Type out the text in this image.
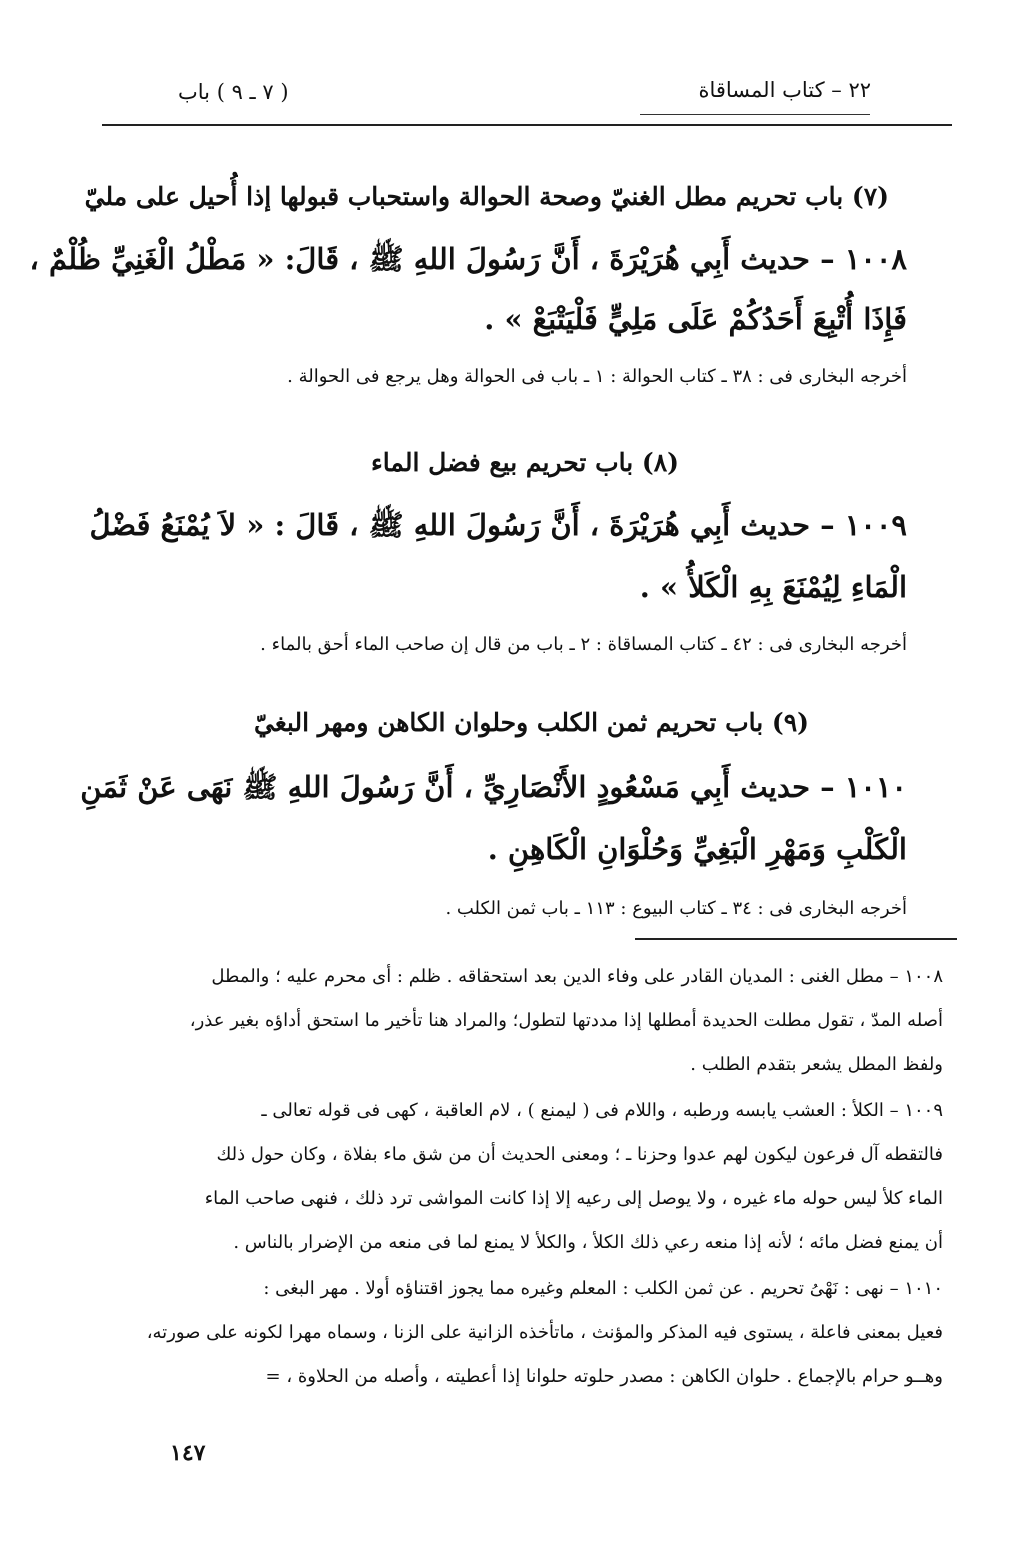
٢٢ – كتاب المساقاة
( ٧ ـ ٩ ) باب
(٧) باب تحريم مطل الغنيّ وصحة الحوالة واستحباب قبولها إذا أُحيل على مليّ
١٠٠٨ – حديث أَبِي هُرَيْرَةَ ، أَنَّ رَسُولَ اللهِ ﷺ ، قَالَ: « مَطْلُ الْغَنِيِّ ظُلْمٌ ،
فَإِذَا أُتْبِعَ أَحَدُكُمْ عَلَى مَلِيٍّ فَلْيَتْبَعْ » .
أخرجه البخارى فى : ٣٨ ـ كتاب الحوالة : ١ ـ باب فى الحوالة وهل يرجع فى الحوالة .
(٨) باب تحريم بيع فضل الماء
١٠٠٩ – حديث أَبِي هُرَيْرَةَ ، أَنَّ رَسُولَ اللهِ ﷺ ، قَالَ : « لاَ يُمْنَعُ فَضْلُ
الْمَاءِ لِيُمْنَعَ بِهِ الْكَلأُ » .
أخرجه البخارى فى : ٤٢ ـ كتاب المساقاة : ٢ ـ باب من قال إن صاحب الماء أحق بالماء .
(٩) باب تحريم ثمن الكلب وحلوان الكاهن ومهر البغيّ
١٠١٠ – حديث أَبِي مَسْعُودٍ الأَنْصَارِيِّ ، أَنَّ رَسُولَ اللهِ ﷺ نَهَى عَنْ ثَمَنِ
الْكَلْبِ وَمَهْرِ الْبَغِيِّ وَحُلْوَانِ الْكَاهِنِ .
أخرجه البخارى فى : ٣٤ ـ كتاب البيوع : ١١٣ ـ باب ثمن الكلب .
١٠٠٨ – مطل الغنى : المديان القادر على وفاء الدين بعد استحقاقه . ظلم : أى محرم عليه ؛ والمطل
أصله المدّ ، تقول مطلت الحديدة أمطلها إذا مددتها لتطول؛ والمراد هنا تأخير ما استحق أداؤه بغير عذر،
ولفظ المطل يشعر بتقدم الطلب .
١٠٠٩ – الكلأ : العشب يابسه ورطبه ، واللام فى ( ليمنع ) ، لام العاقبة ، كهى فى قوله تعالى ـ
فالتقطه آل فرعون ليكون لهم عدوا وحزنا ـ ؛ ومعنى الحديث أن من شق ماء بفلاة ، وكان حول ذلك
الماء كلأ ليس حوله ماء غيره ، ولا يوصل إلى رعيه إلا إذا كانت المواشى ترد ذلك ، فنهى صاحب الماء
أن يمنع فضل مائه ؛ لأنه إذا منعه رعي ذلك الكلأ ، والكلأ لا يمنع لما فى منعه من الإضرار بالناس .
١٠١٠ – نهى : نَهْىُ تحريم . عن ثمن الكلب : المعلم وغيره مما يجوز اقتناؤه أولا . مهر البغى :
فعيل بمعنى فاعلة ، يستوى فيه المذكر والمؤنث ، ماتأخذه الزانية على الزنا ، وسماه مهرا لكونه على صورته،
وهــو حرام بالإجماع . حلوان الكاهن : مصدر حلوته حلوانا إذا أعطيته ، وأصله من الحلاوة ، =
١٤٧
